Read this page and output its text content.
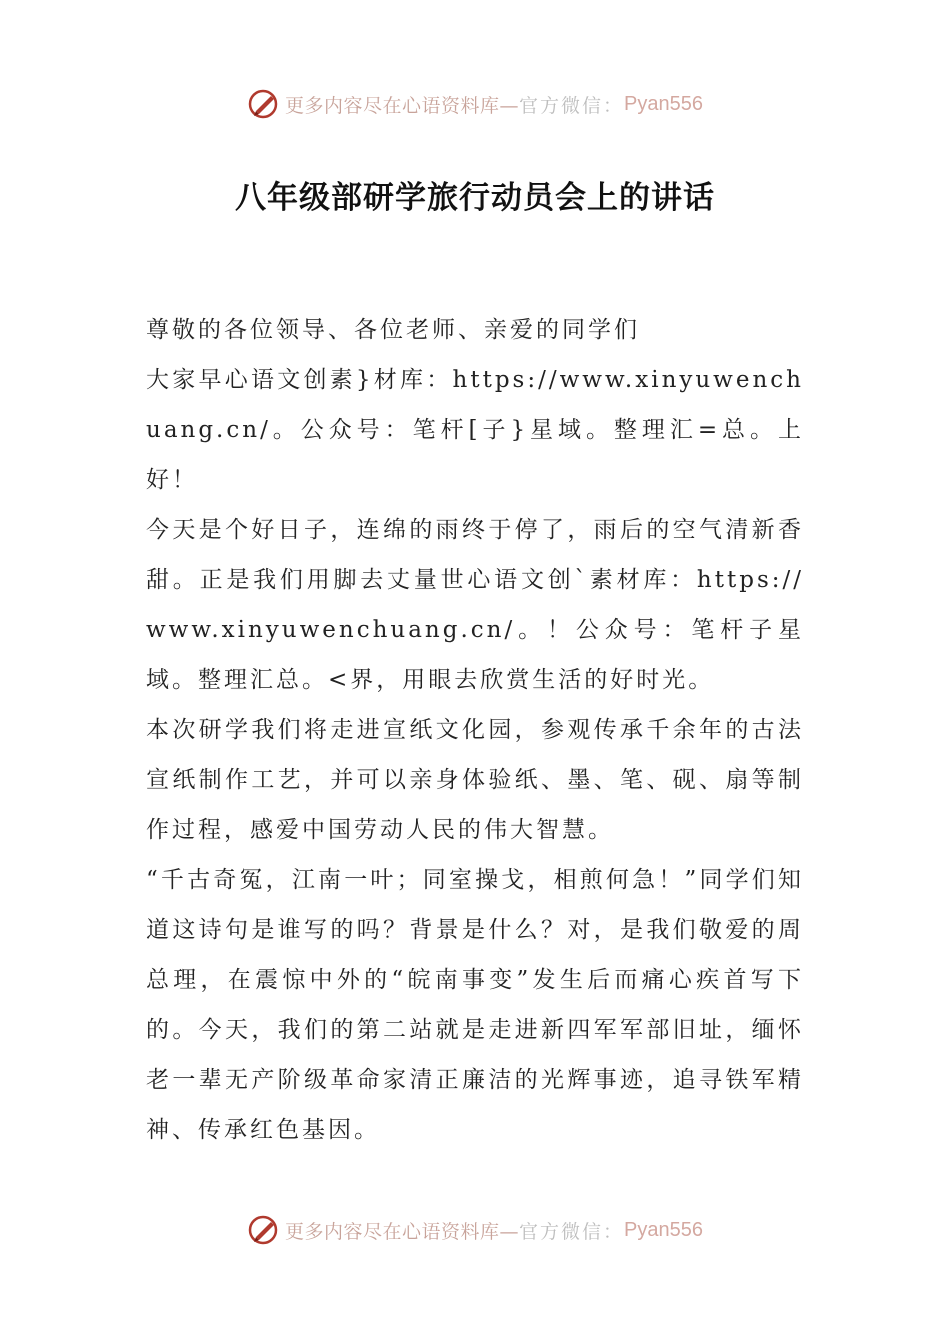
更多内容尽在心语资料库— 官方微信： Pyan556
八年级部研学旅行动员会上的讲话

尊敬的各位领导、各位老师、亲爱的同学们

大家早心语文创素}材库：https://www.xinyuwenchuang.cn/。公众号：笔杆[子}星域。整理汇=总。上好！

今天是个好日子，连绵的雨终于停了，雨后的空气清新香甜。正是我们用脚去丈量世心语文创`素材库：https://www.xinyuwenchuang.cn/。！公众号：笔杆子星域。整理汇总。<界，用眼去欣赏生活的好时光。

本次研学我们将走进宣纸文化园，参观传承千余年的古法宣纸制作工艺，并可以亲身体验纸、墨、笔、砚、扇等制作过程，感爱中国劳动人民的伟大智慧。

“千古奇冤，江南一叶；同室操戈，相煎何急！”同学们知道这诗句是谁写的吗？背景是什么？对，是我们敬爱的周总理，在震惊中外的“皖南事变”发生后而痛心疾首写下的。今天，我们的第二站就是走进新四军军部旧址，缅怀老一辈无产阶级革命家清正廉洁的光辉事迹，追寻铁军精神、传承红色基因。

更多内容尽在心语资料库— 官方微信： Pyan556
